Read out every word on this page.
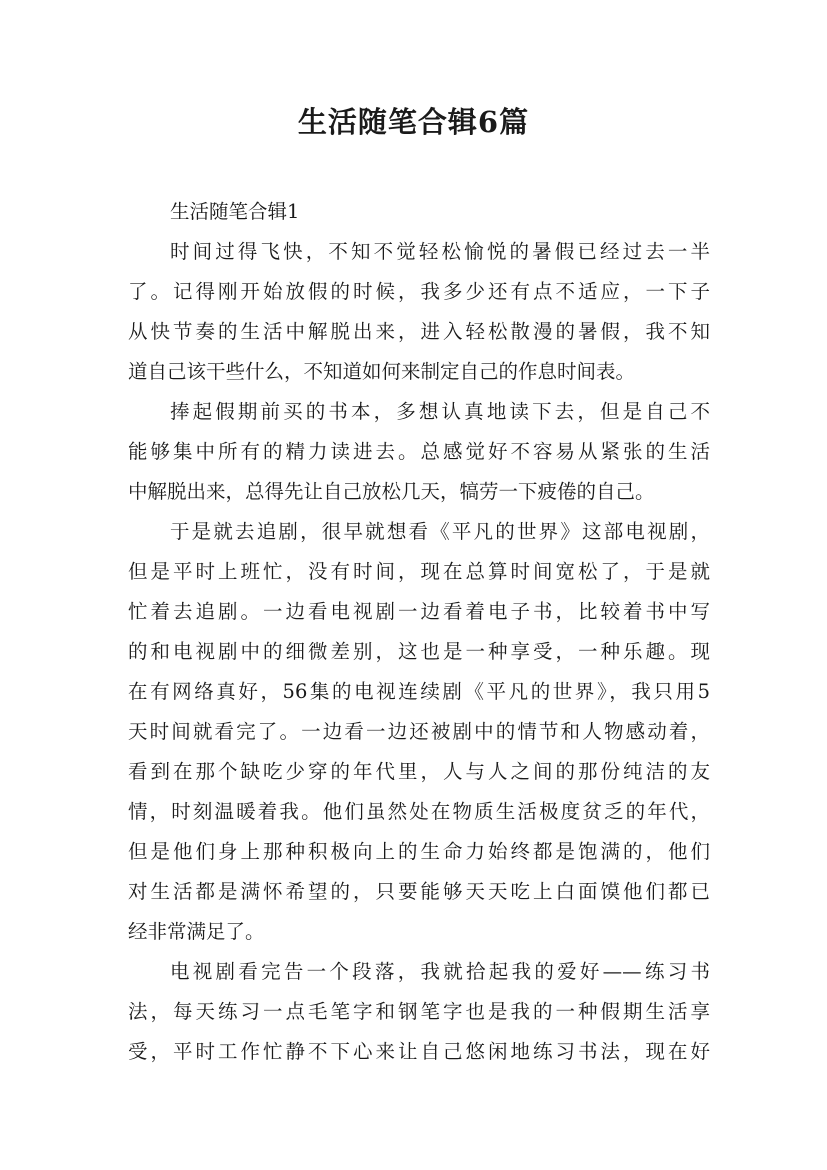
生活随笔合辑6篇

生活随笔合辑1

时间过得飞快，不知不觉轻松愉悦的暑假已经过去一半
了。记得刚开始放假的时候，我多少还有点不适应，一下子
从快节奏的生活中解脱出来，进入轻松散漫的暑假，我不知
道自己该干些什么，不知道如何来制定自己的作息时间表。

捧起假期前买的书本，多想认真地读下去，但是自己不
能够集中所有的精力读进去。总感觉好不容易从紧张的生活
中解脱出来，总得先让自己放松几天，犒劳一下疲倦的自己。

于是就去追剧，很早就想看《平凡的世界》这部电视剧，
但是平时上班忙，没有时间，现在总算时间宽松了，于是就
忙着去追剧。一边看电视剧一边看着电子书，比较着书中写
的和电视剧中的细微差别，这也是一种享受，一种乐趣。现
在有网络真好，56集的电视连续剧《平凡的世界》，我只用5
天时间就看完了。一边看一边还被剧中的情节和人物感动着，
看到在那个缺吃少穿的年代里，人与人之间的那份纯洁的友
情，时刻温暖着我。他们虽然处在物质生活极度贫乏的年代，
但是他们身上那种积极向上的生命力始终都是饱满的，他们
对生活都是满怀希望的，只要能够天天吃上白面馍他们都已
经非常满足了。

电视剧看完告一个段落，我就拾起我的爱好——练习书
法，每天练习一点毛笔字和钢笔字也是我的一种假期生活享
受，平时工作忙静不下心来让自己悠闲地练习书法，现在好
